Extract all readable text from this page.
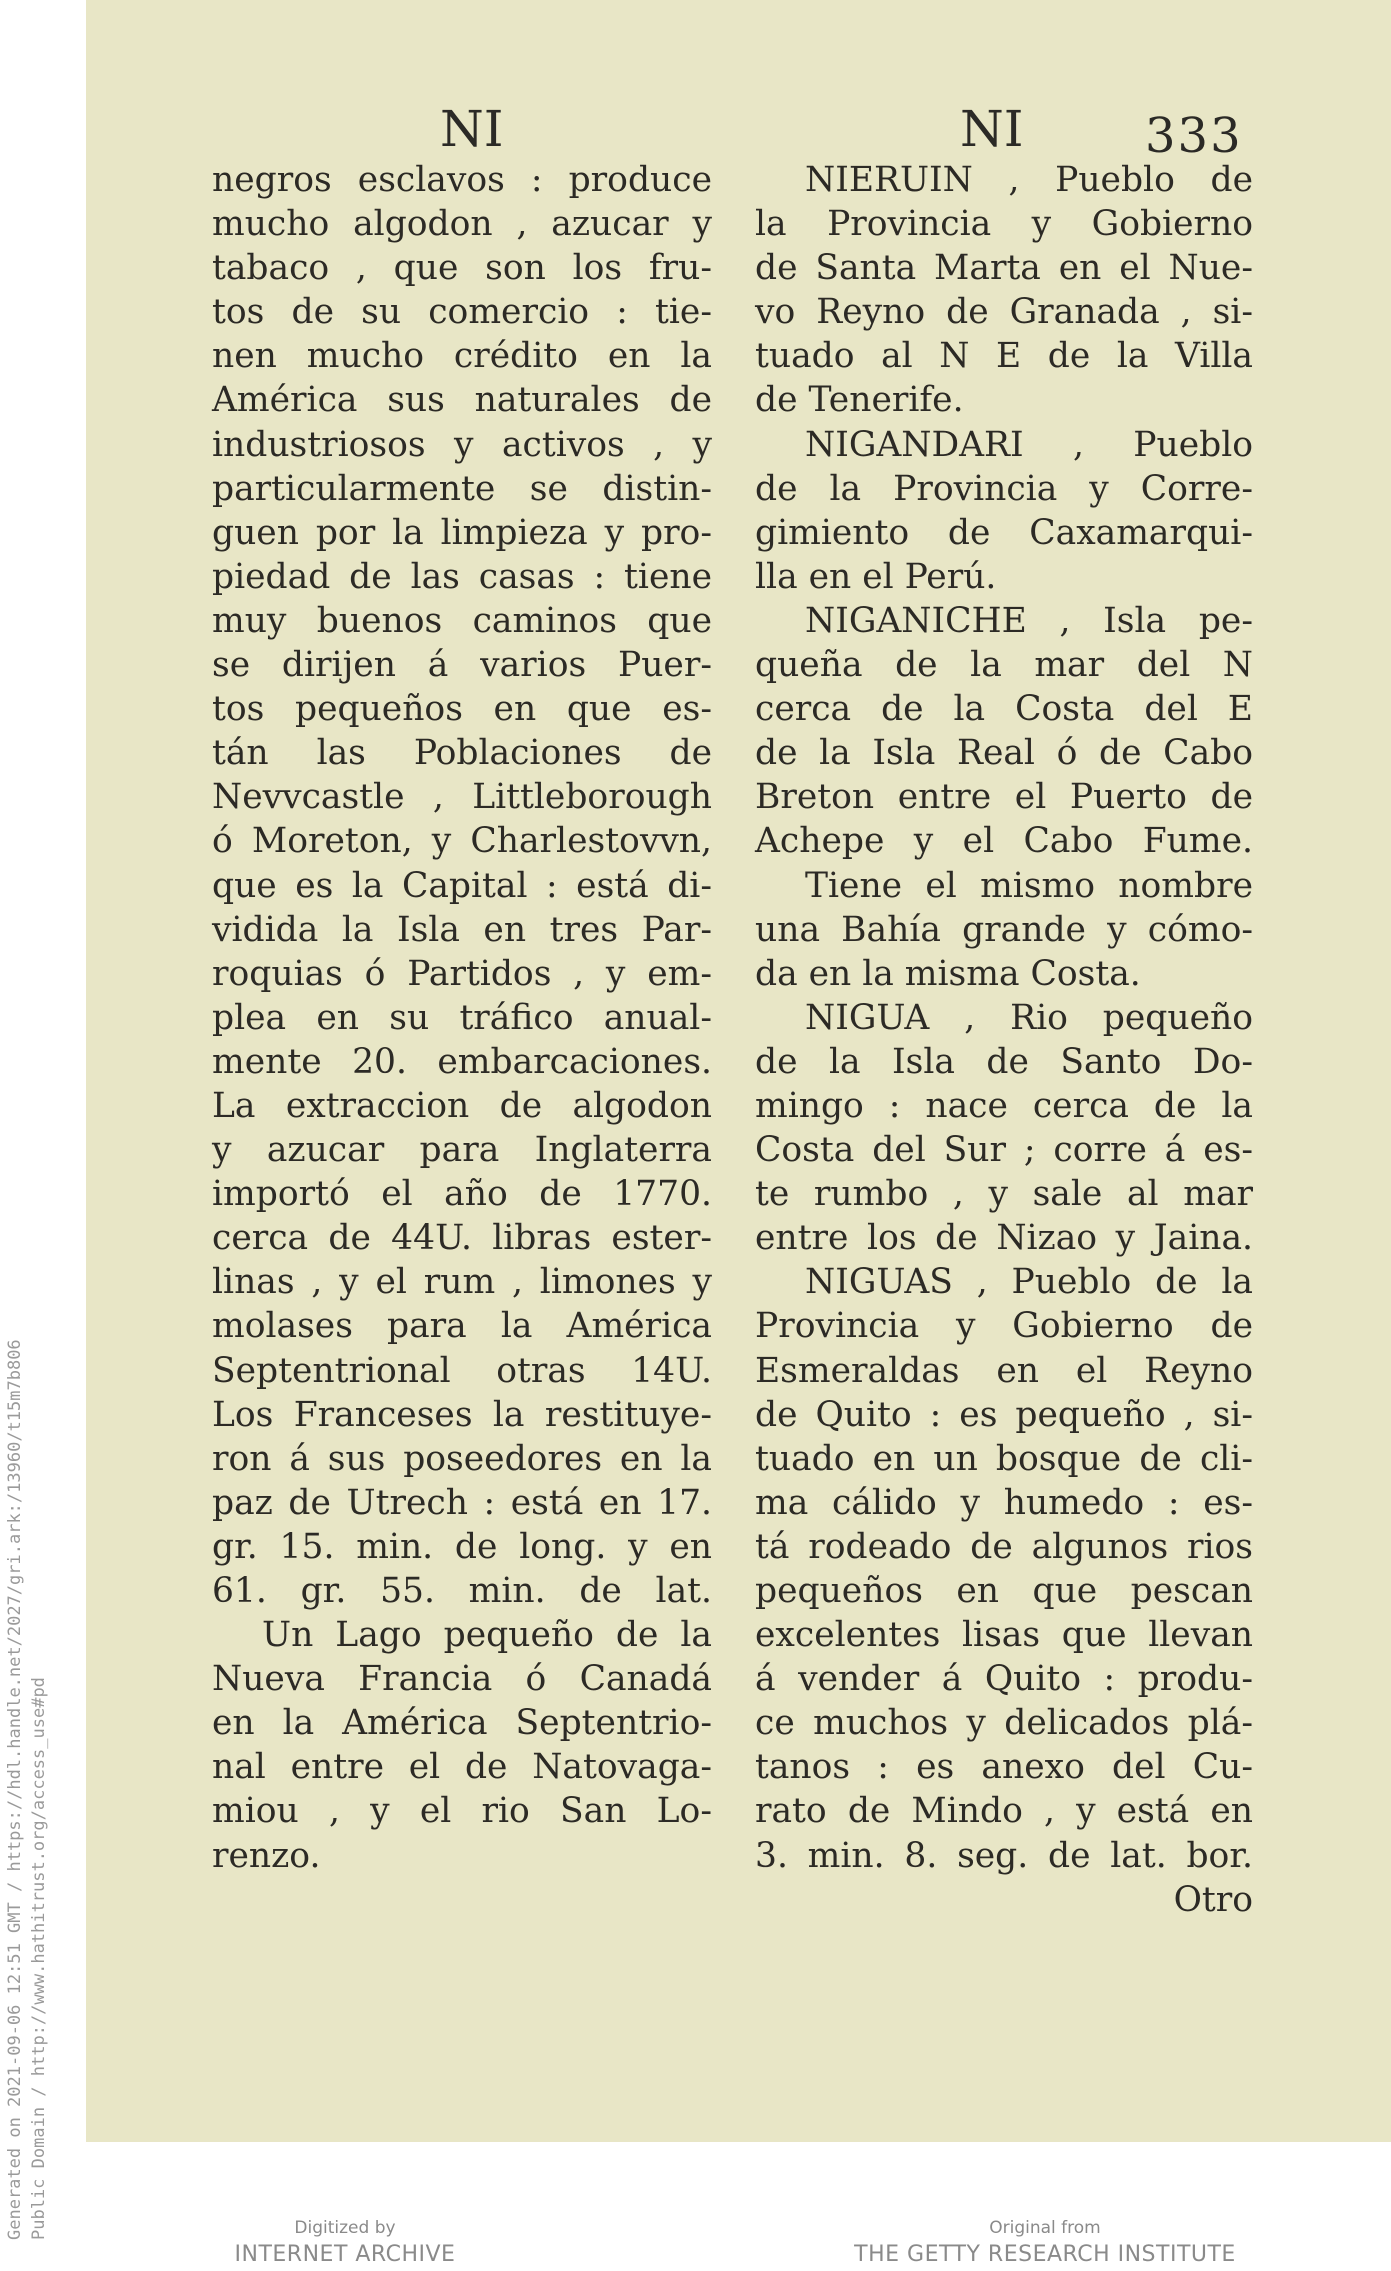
Generated on 2021-09-06 12:51 GMT / https://hdl.handle.net/2027/gri.ark:/13960/t15m7b806 Public Domain / http://www.hathitrust.org/access_use#pd
NI	NI	333
negros esclavos : produce
mucho algodon , azucar y
tabaco , que son los fru-
tos de su comercio : tie-
nen mucho crédito en la
América sus naturales de
industriosos y activos , y
particularmente se distin-
guen por la limpieza y pro-
piedad de las casas : tiene
muy buenos caminos que
se dirijen á varios Puer-
tos pequeños en que es-
tán las Poblaciones de
Nevvcastle , Littleborough
ó Moreton, y Charlestovvn,
que es la Capital : está di-
vidida la Isla en tres Par-
roquias ó Partidos , y em-
plea en su tráfico anual-
mente 20. embarcaciones.
La extraccion de algodon
y azucar para Inglaterra
importó el año de 1770.
cerca de 44U. libras ester-
linas , y el rum , limones y
molases para la América
Septentrional otras 14U.
Los Franceses la restituye-
ron á sus poseedores en la
paz de Utrech : está en 17.
gr. 15. min. de long. y en
61. gr. 55. min. de lat.
Un Lago pequeño de la
Nueva Francia ó Canadá
en la América Septentrio-
nal entre el de Natovaga-
miou , y el rio San Lo-
renzo.
NIERUIN , Pueblo de
la Provincia y Gobierno
de Santa Marta en el Nue-
vo Reyno de Granada , si-
tuado al N E de la Villa
de Tenerife.
NIGANDARI , Pueblo
de la Provincia y Corre-
gimiento de Caxamarqui-
lla en el Perú.
NIGANICHE , Isla pe-
queña de la mar del N
cerca de la Costa del E
de la Isla Real ó de Cabo
Breton entre el Puerto de
Achepe y el Cabo Fume.
Tiene el mismo nombre
una Bahía grande y cómo-
da en la misma Costa.
NIGUA , Rio pequeño
de la Isla de Santo Do-
mingo : nace cerca de la
Costa del Sur ; corre á es-
te rumbo , y sale al mar
entre los de Nizao y Jaina.
NIGUAS , Pueblo de la
Provincia y Gobierno de
Esmeraldas en el Reyno
de Quito : es pequeño , si-
tuado en un bosque de cli-
ma cálido y humedo : es-
tá rodeado de algunos rios
pequeños en que pescan
excelentes lisas que llevan
á vender á Quito : produ-
ce muchos y delicados plá-
tanos : es anexo del Cu-
rato de Mindo , y está en
3. min. 8. seg. de lat. bor.
Otro
Digitized by
INTERNET ARCHIVE
Original from
THE GETTY RESEARCH INSTITUTE
